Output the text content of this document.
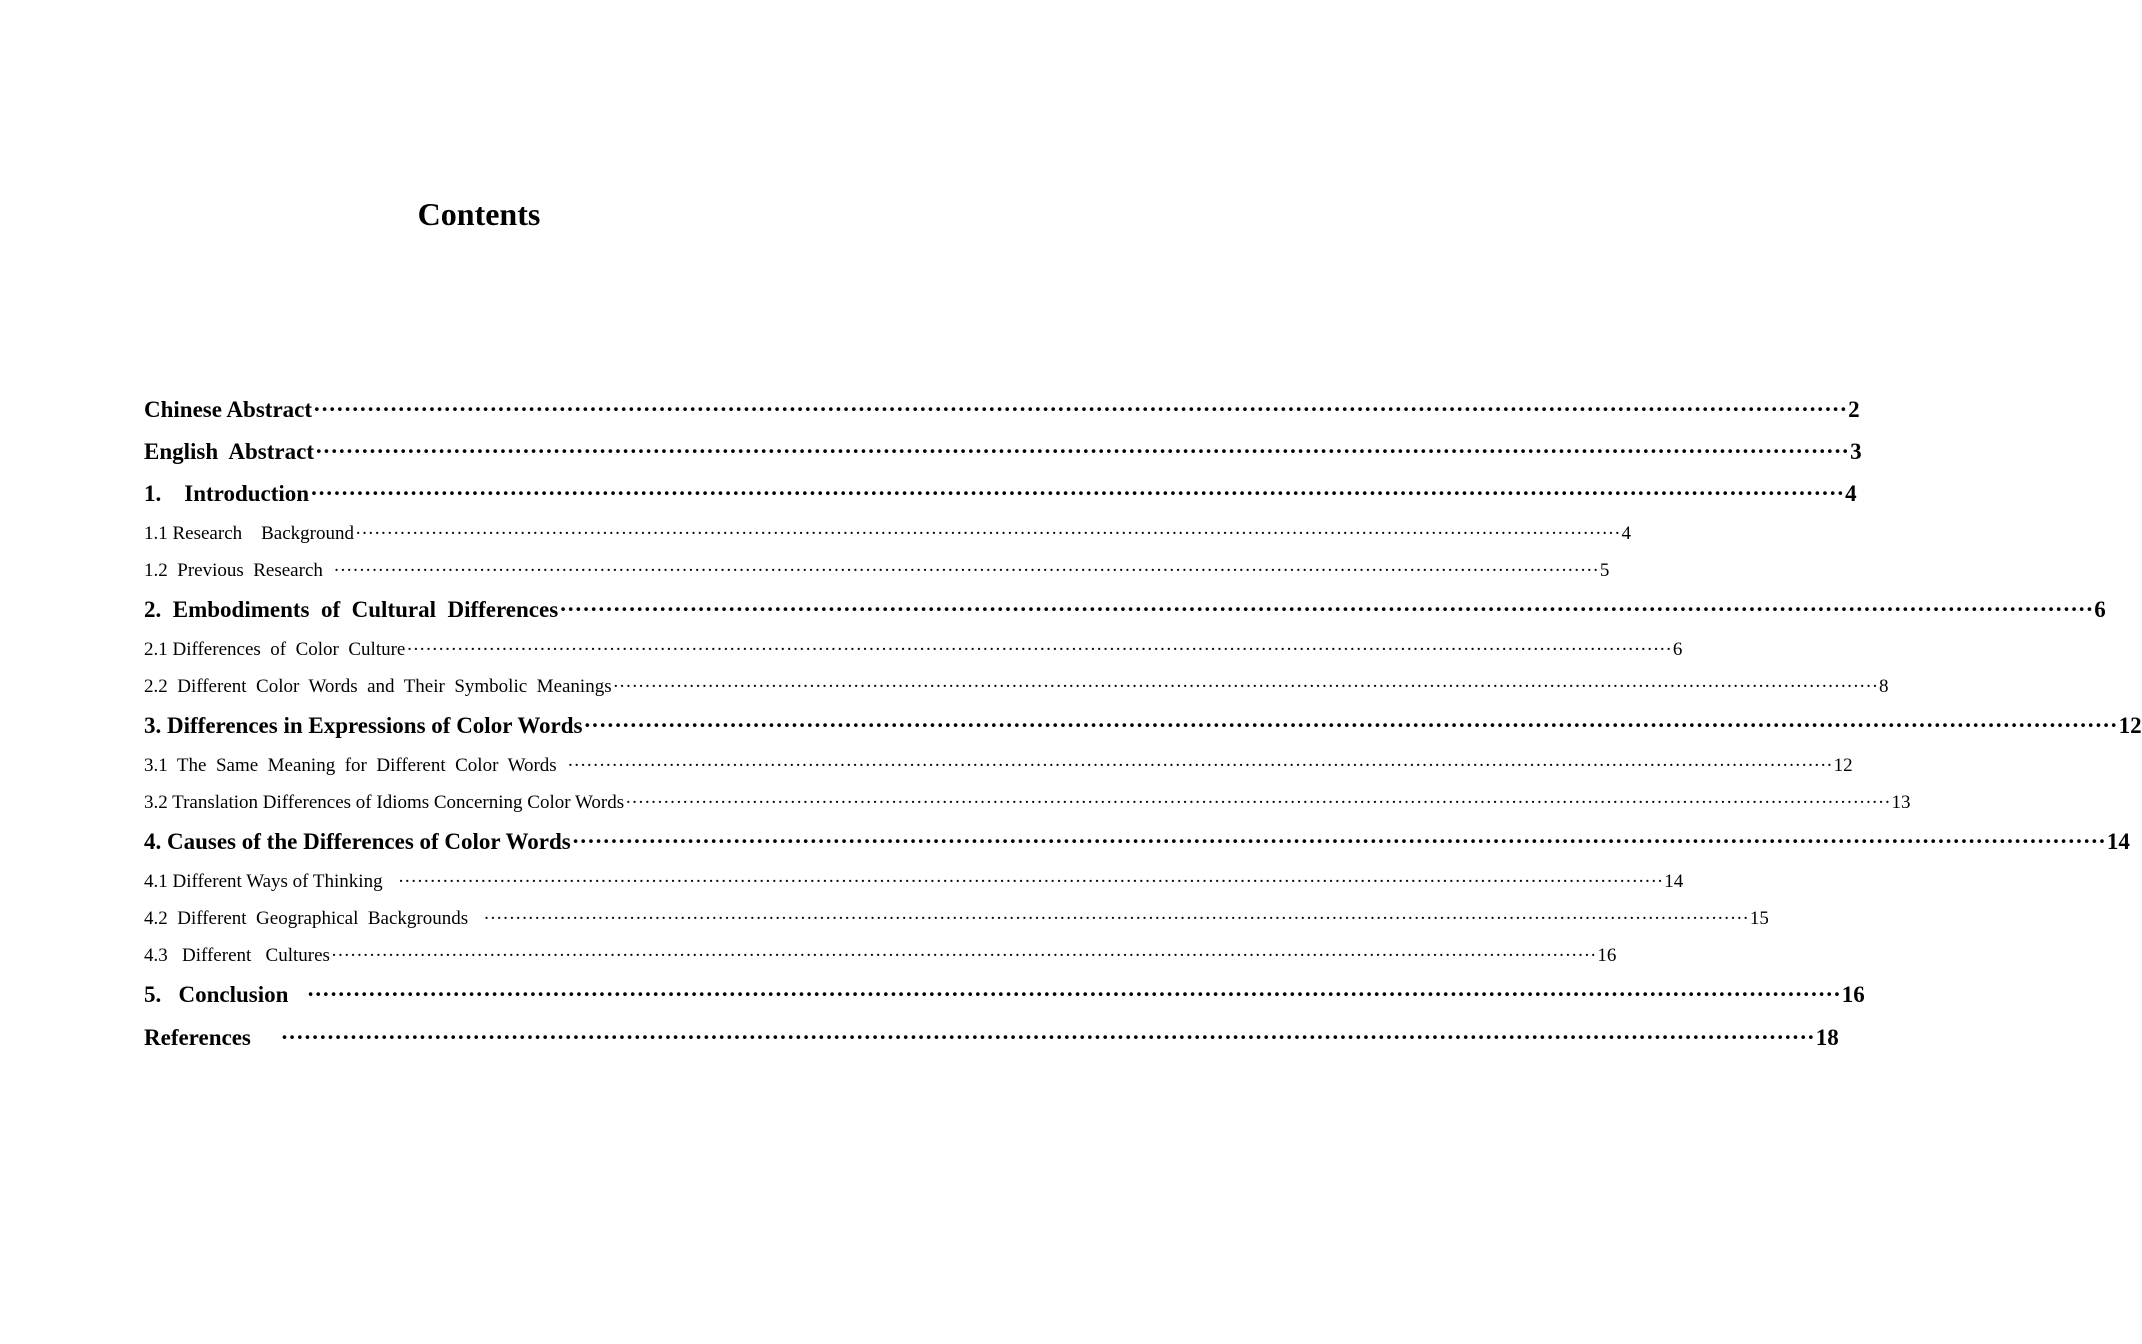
Contents
Chinese Abstract ········································································································································································································ 2
English  Abstract ········································································································································································································ 3
1.    Introduction ········································································································································································································ 4
1.1 Research    Background ········································································································································································································ 4
1.2  Previous  Research ········································································································································································································ 5
2.  Embodiments  of  Cultural  Differences ········································································································································································································ 6
2.1 Differences  of  Color  Culture ········································································································································································································ 6
2.2  Different  Color  Words  and  Their  Symbolic  Meanings ········································································································································································································ 8
3. Differences in Expressions of Color Words ········································································································································································································ 12
3.1  The  Same  Meaning  for  Different  Color  Words ········································································································································································································ 12
3.2 Translation Differences of Idioms Concerning Color Words ········································································································································································································ 13
4. Causes of the Differences of Color Words ········································································································································································································ 14
4.1 Different Ways of Thinking ········································································································································································································ 14
4.2  Different  Geographical  Backgrounds ········································································································································································································ 15
4.3   Different   Cultures ········································································································································································································ 16
5.   Conclusion ········································································································································································································ 16
References ········································································································································································································ 18
